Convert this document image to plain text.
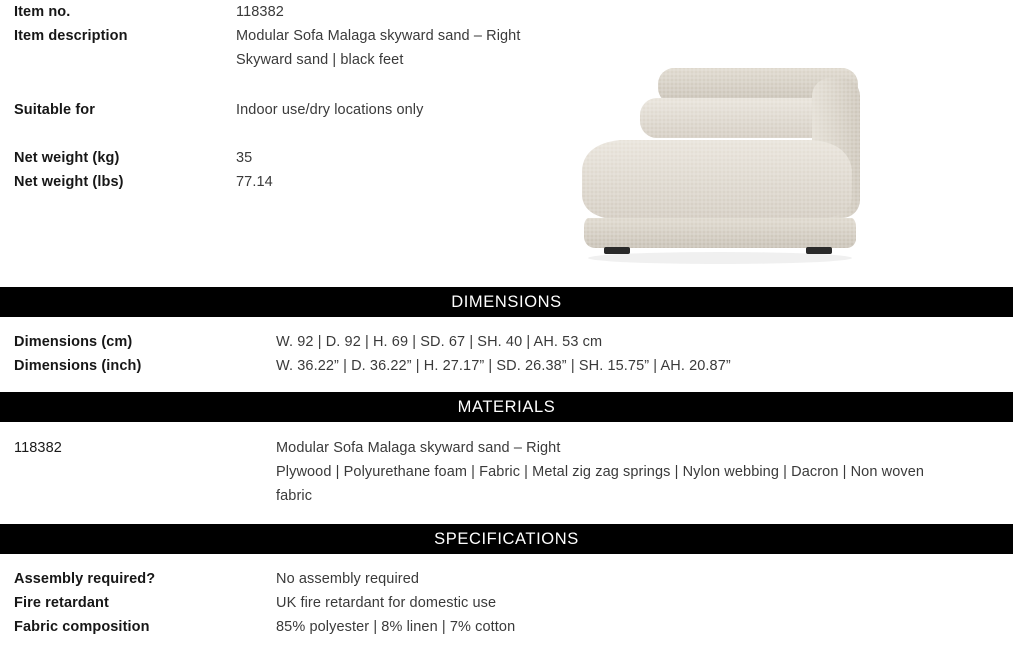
Item no.	118382
Item description	Modular Sofa Malaga skyward sand – Right
Skyward sand | black feet
Suitable for	Indoor use/dry locations only
Net weight (kg)	35
Net weight (lbs)	77.14
DIMENSIONS
Dimensions (cm)	W. 92 | D. 92 | H. 69 | SD. 67 | SH. 40 | AH. 53 cm
Dimensions (inch)	W. 36.22” | D. 36.22” | H. 27.17” | SD. 26.38” | SH. 15.75” | AH. 20.87”
MATERIALS
118382	Modular Sofa Malaga skyward sand – Right
Plywood | Polyurethane foam | Fabric | Metal zig zag springs | Nylon webbing | Dacron | Non woven
fabric
SPECIFICATIONS
Assembly required?	No assembly required
Fire retardant	UK fire retardant for domestic use
Fabric composition	85% polyester | 8% linen | 7% cotton
